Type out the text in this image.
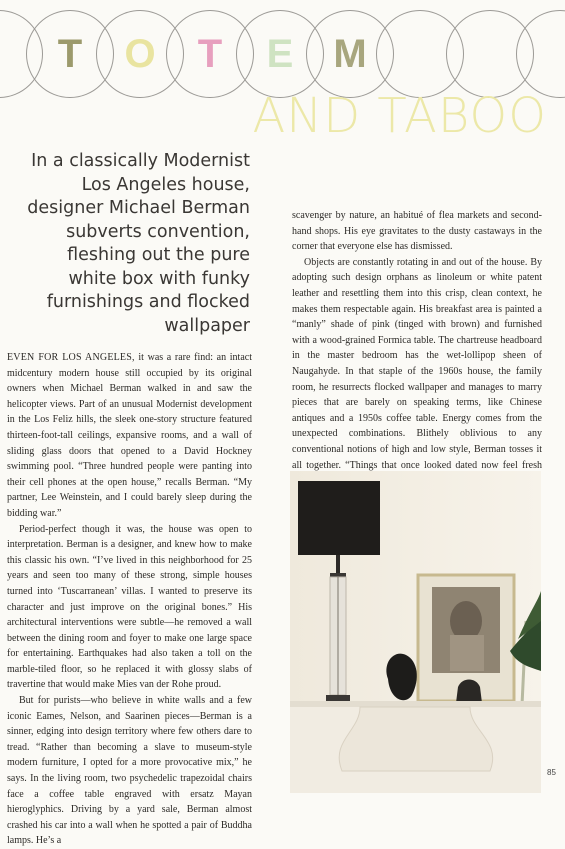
T O T E M
AND TABOO
In a classically Modernist Los Angeles house, designer Michael Berman subverts convention, fleshing out the pure white box with funky furnishings and flocked wallpaper

EVEN FOR LOS ANGELES, it was a rare find: an intact midcentury modern house still occupied by its original owners when Michael Berman walked in and saw the helicopter views. Part of an unusual Modernist development in the Los Feliz hills, the sleek one-story structure featured thirteen-foot-tall ceilings, expansive rooms, and a wall of sliding glass doors that opened to a David Hockney swimming pool. “Three hundred people were panting into their cell phones at the open house,” recalls Berman. “My partner, Lee Weinstein, and I could barely sleep during the bidding war.”

Period-perfect though it was, the house was open to interpretation. Berman is a designer, and knew how to make this classic his own. “I’ve lived in this neighborhood for 25 years and seen too many of these strong, simple houses turned into ‘Tuscarranean’ villas. I wanted to preserve its character and just improve on the original bones.” His architectural interventions were subtle—he removed a wall between the dining room and foyer to make one large space for entertaining. Earthquakes had also taken a toll on the marble-tiled floor, so he replaced it with glossy slabs of travertine that would make Mies van der Rohe proud.

But for purists—who believe in white walls and a few iconic Eames, Nelson, and Saarinen pieces—Berman is a sinner, edging into design territory where few others dare to tread. “Rather than becoming a slave to museum-style modern furniture, I opted for a more provocative mix,” he says. In the living room, two psychedelic trapezoidal chairs face a coffee table engraved with ersatz Mayan hieroglyphics. Driving by a yard sale, Berman almost crashed his car into a wall when he spotted a pair of Buddha lamps. He’s a

scavenger by nature, an habitué of flea markets and second-hand shops. His eye gravitates to the dusty castaways in the corner that everyone else has dismissed.

Objects are constantly rotating in and out of the house. By adopting such design orphans as linoleum or white patent leather and resettling them into this crisp, clean context, he makes them respectable again. His breakfast area is painted a “manly” shade of pink (tinged with brown) and furnished with a wood-grained Formica table. The chartreuse headboard in the master bedroom has the wet-lollipop sheen of Naugahyde. In that staple of the 1960s house, the family room, he resurrects flocked wallpaper and manages to marry pieces that are barely on speaking terms, like Chinese antiques and a 1950s coffee table. Energy comes from the unexpected combinations. Blithely oblivious to any conventional notions of high and low style, Berman tosses it all together. “Things that once looked dated now feel fresh

85
